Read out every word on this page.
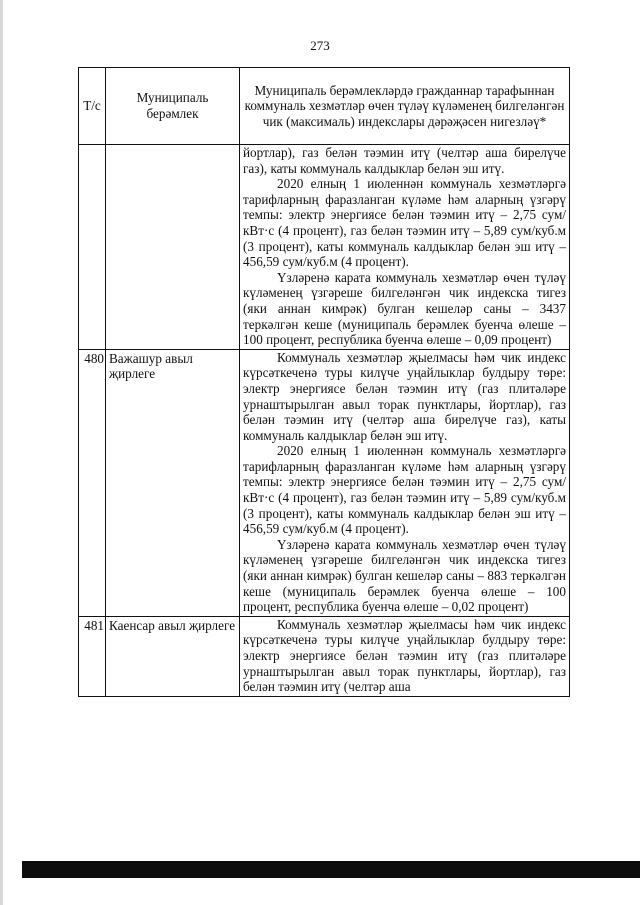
273
Т/с	Муниципаль берәмлек	Муниципаль берәмлекләрдә гражданнар тарафыннан коммуналь хезмәтләр өчен түләү күләменең билгеләнгән чик (максималь) индекслары дәрәҗәсен нигезләү*

		йортлар), газ белән тәэмин итү (челтәр аша бирелүче газ), каты коммуналь калдыклар белән эш итү.

2020 елның 1 июленнән коммуналь хезмәтләргә тарифларның фаразланган күләме һәм аларның үзгәрү темпы: электр энергиясе белән тәэмин итү – 2,75 сум/кВт·с (4 процент), газ белән тәэмин итү – 5,89 сум/куб.м (3 процент), каты коммуналь калдыклар белән эш итү – 456,59 сум/куб.м (4 процент).

Үзләренә карата коммуналь хезмәтләр өчен түләү күләменең үзгәреше билгеләнгән чик индекска тигез (яки аннан кимрәк) булган кешеләр саны – 3437 теркәлгән кеше (муниципаль берәмлек буенча өлеше – 100 процент, республика буенча өлеше – 0,09 процент)

480	Важашур авыл җирлеге	Коммуналь хезмәтләр җыелмасы һәм чик индекс күрсәткеченә туры килүче уңайлыклар булдыру төре: электр энергиясе белән тәэмин итү (газ плитәләре урнаштырылган авыл торак пунктлары, йортлар), газ белән тәэмин итү (челтәр аша бирелүче газ), каты коммуналь калдыклар белән эш итү.

2020 елның 1 июленнән коммуналь хезмәтләргә тарифларның фаразланган күләме һәм аларның үзгәрү темпы: электр энергиясе белән тәэмин итү – 2,75 сум/кВт·с (4 процент), газ белән тәэмин итү – 5,89 сум/куб.м (3 процент), каты коммуналь калдыклар белән эш итү – 456,59 сум/куб.м (4 процент).

Үзләренә карата коммуналь хезмәтләр өчен түләү күләменең үзгәреше билгеләнгән чик индекска тигез (яки аннан кимрәк) булган кешеләр саны – 883 теркәлгән кеше (муниципаль берәмлек буенча өлеше – 100 процент, республика буенча өлеше – 0,02 процент)

481	Каенсар авыл җирлеге	Коммуналь хезмәтләр җыелмасы һәм чик индекс күрсәткеченә туры килүче уңайлыклар булдыру төре: электр энергиясе белән тәэмин итү (газ плитәләре урнаштырылган авыл торак пунктлары, йортлар), газ белән тәэмин итү (челтәр аша
